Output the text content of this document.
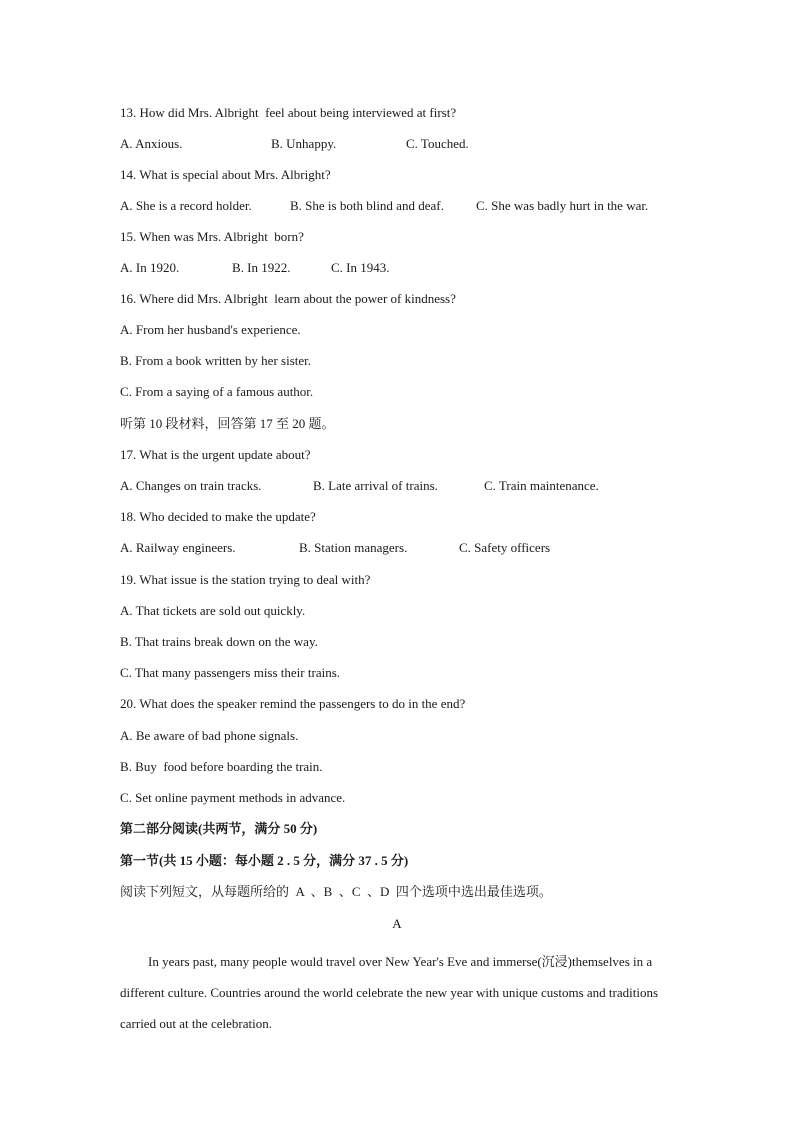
13. How did Mrs. Albright  feel about being interviewed at first?
A. Anxious.	B. Unhappy.	C. Touched.
14. What is special about Mrs. Albright?
A. She is a record holder.	B. She is both blind and deaf. C. She was badly hurt in the war.
15. When was Mrs. Albright  born?
A. In 1920.	B. In 1922.	C. In 1943.
16. Where did Mrs. Albright  learn about the power of kindness?
A. From her husband's experience.
B. From a book written by her sister.
C. From a saying of a famous author.
听第 10 段材料，回答第 17 至 20 题。
17. What is the urgent update about?
A. Changes on train tracks.	B. Late arrival of trains.	C. Train maintenance.
18. Who decided to make the update?
A. Railway engineers.	B. Station managers.	C. Safety officers
19. What issue is the station trying to deal with?
A. That tickets are sold out quickly.
B. That trains break down on the way.
C. That many passengers miss their trains.
20. What does the speaker remind the passengers to do in the end?
A. Be aware of bad phone signals.
B. Buy  food before boarding the train.
C. Set online payment methods in advance.
第二部分阅读(共两节，满分 50 分)
第一节(共 15 小题：每小题 2 . 5 分，满分 37 . 5 分)
阅读下列短文，从每题所给的  A  、B  、C  、D  四个选项中选出最佳选项。
A
In years past, many people would travel over New Year's Eve and immerse(沉浸)themselves in a different culture. Countries around the world celebrate the new year with unique customs and traditions carried out at the celebration.
